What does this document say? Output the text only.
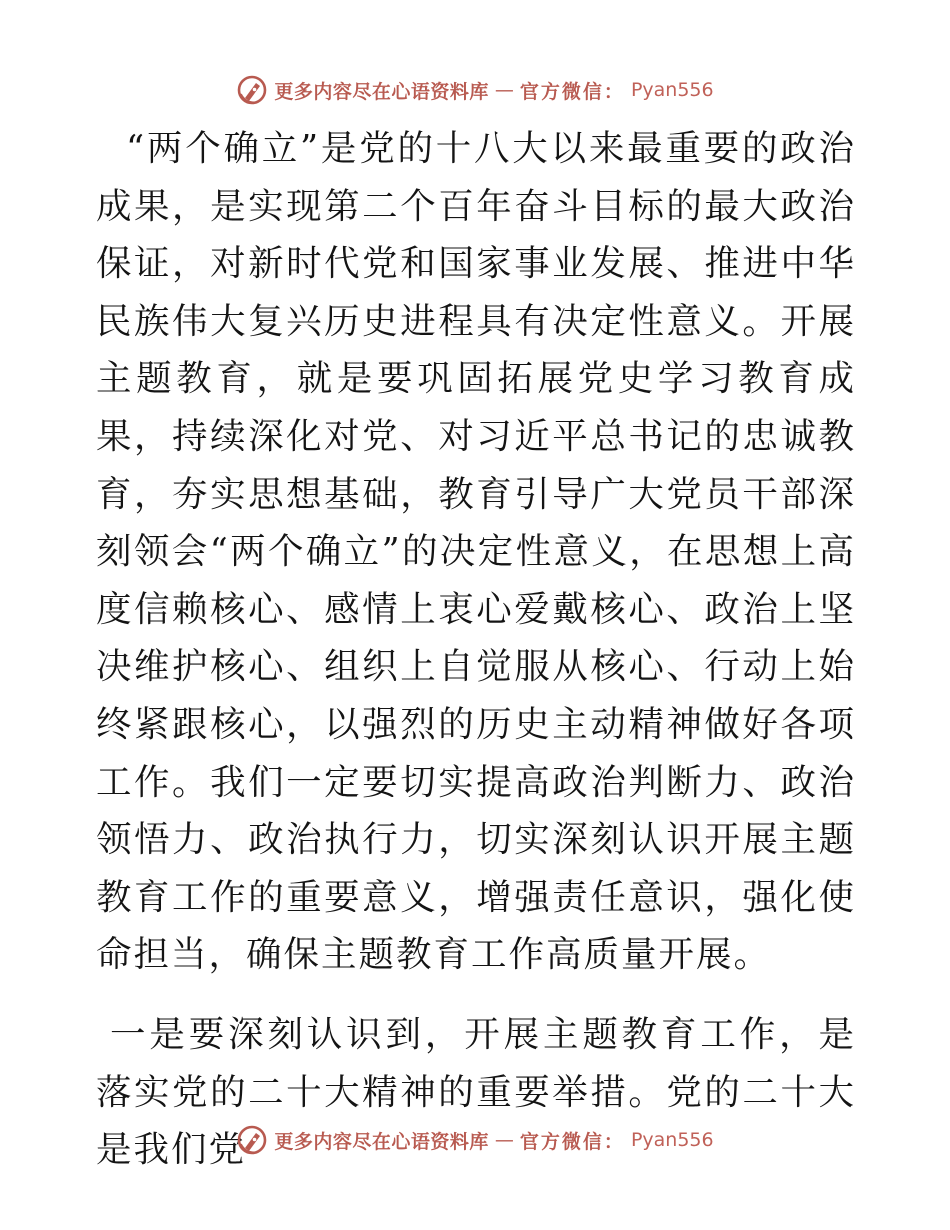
更多内容尽在心语资料库 — 官方微信： Pyan556

“两个确立”是党的十八大以来最重要的政治成果，是实现第二个百年奋斗目标的最大政治保证，对新时代党和国家事业发展、推进中华民族伟大复兴历史进程具有决定性意义。开展主题教育，就是要巩固拓展党史学习教育成果，持续深化对党、对习近平总书记的忠诚教育，夯实思想基础，教育引导广大党员干部深刻领会“两个确立”的决定性意义，在思想上高度信赖核心、感情上衷心爱戴核心、政治上坚决维护核心、组织上自觉服从核心、行动上始终紧跟核心，以强烈的历史主动精神做好各项工作。我们一定要切实提高政治判断力、政治领悟力、政治执行力，切实深刻认识开展主题教育工作的重要意义，增强责任意识，强化使命担当，确保主题教育工作高质量开展。

一是要深刻认识到，开展主题教育工作，是落实党的二十大精神的重要举措。党的二十大是我们党	更多内容尽在心语资料库 — 官方微信： Pyan556
